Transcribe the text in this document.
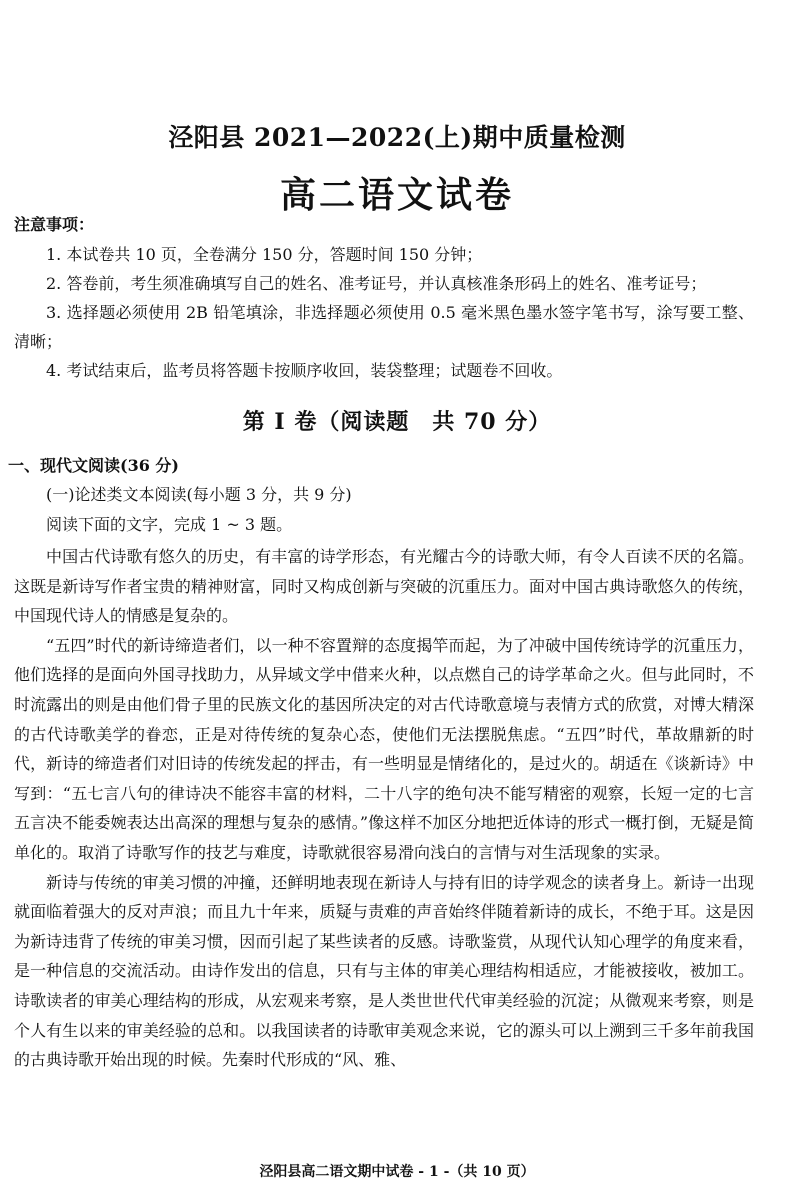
泾阳县 2021—2022(上)期中质量检测
高二语文试卷
注意事项：

1. 本试卷共 10 页，全卷满分 150 分，答题时间 150 分钟；

2. 答卷前，考生须准确填写自己的姓名、准考证号，并认真核准条形码上的姓名、准考证号；

3. 选择题必须使用 2B 铅笔填涂，非选择题必须使用 0.5 毫米黑色墨水签字笔书写，涂写要工整、清晰；

4. 考试结束后，监考员将答题卡按顺序收回，装袋整理；试题卷不回收。

第 I 卷（阅读题　共 70 分）
一、现代文阅读(36 分)
(一)论述类文本阅读(每小题 3 分，共 9 分)
阅读下面的文字，完成 1 ~ 3 题。

中国古代诗歌有悠久的历史，有丰富的诗学形态，有光耀古今的诗歌大师，有令人百读不厌的名篇。这既是新诗写作者宝贵的精神财富，同时又构成创新与突破的沉重压力。面对中国古典诗歌悠久的传统，中国现代诗人的情感是复杂的。

“五四”时代的新诗缔造者们，以一种不容置辩的态度揭竿而起，为了冲破中国传统诗学的沉重压力，他们选择的是面向外国寻找助力，从异域文学中借来火种，以点燃自己的诗学革命之火。但与此同时，不时流露出的则是由他们骨子里的民族文化的基因所决定的对古代诗歌意境与表情方式的欣赏，对博大精深的古代诗歌美学的眷恋，正是对待传统的复杂心态，使他们无法摆脱焦虑。“五四”时代，革故鼎新的时代，新诗的缔造者们对旧诗的传统发起的抨击，有一些明显是情绪化的，是过火的。胡适在《谈新诗》中写到：“五七言八句的律诗决不能容丰富的材料，二十八字的绝句决不能写精密的观察，长短一定的七言五言决不能委婉表达出高深的理想与复杂的感情。”像这样不加区分地把近体诗的形式一概打倒，无疑是简单化的。取消了诗歌写作的技艺与难度，诗歌就很容易滑向浅白的言情与对生活现象的实录。

新诗与传统的审美习惯的冲撞，还鲜明地表现在新诗人与持有旧的诗学观念的读者身上。新诗一出现就面临着强大的反对声浪；而且九十年来，质疑与责难的声音始终伴随着新诗的成长，不绝于耳。这是因为新诗违背了传统的审美习惯，因而引起了某些读者的反感。诗歌鉴赏，从现代认知心理学的角度来看，是一种信息的交流活动。由诗作发出的信息，只有与主体的审美心理结构相适应，才能被接收，被加工。诗歌读者的审美心理结构的形成，从宏观来考察，是人类世世代代审美经验的沉淀；从微观来考察，则是个人有生以来的审美经验的总和。以我国读者的诗歌审美观念来说，它的源头可以上溯到三千多年前我国的古典诗歌开始出现的时候。先秦时代形成的“风、雅、

泾阳县高二语文期中试卷 - 1 -（共 10 页）
